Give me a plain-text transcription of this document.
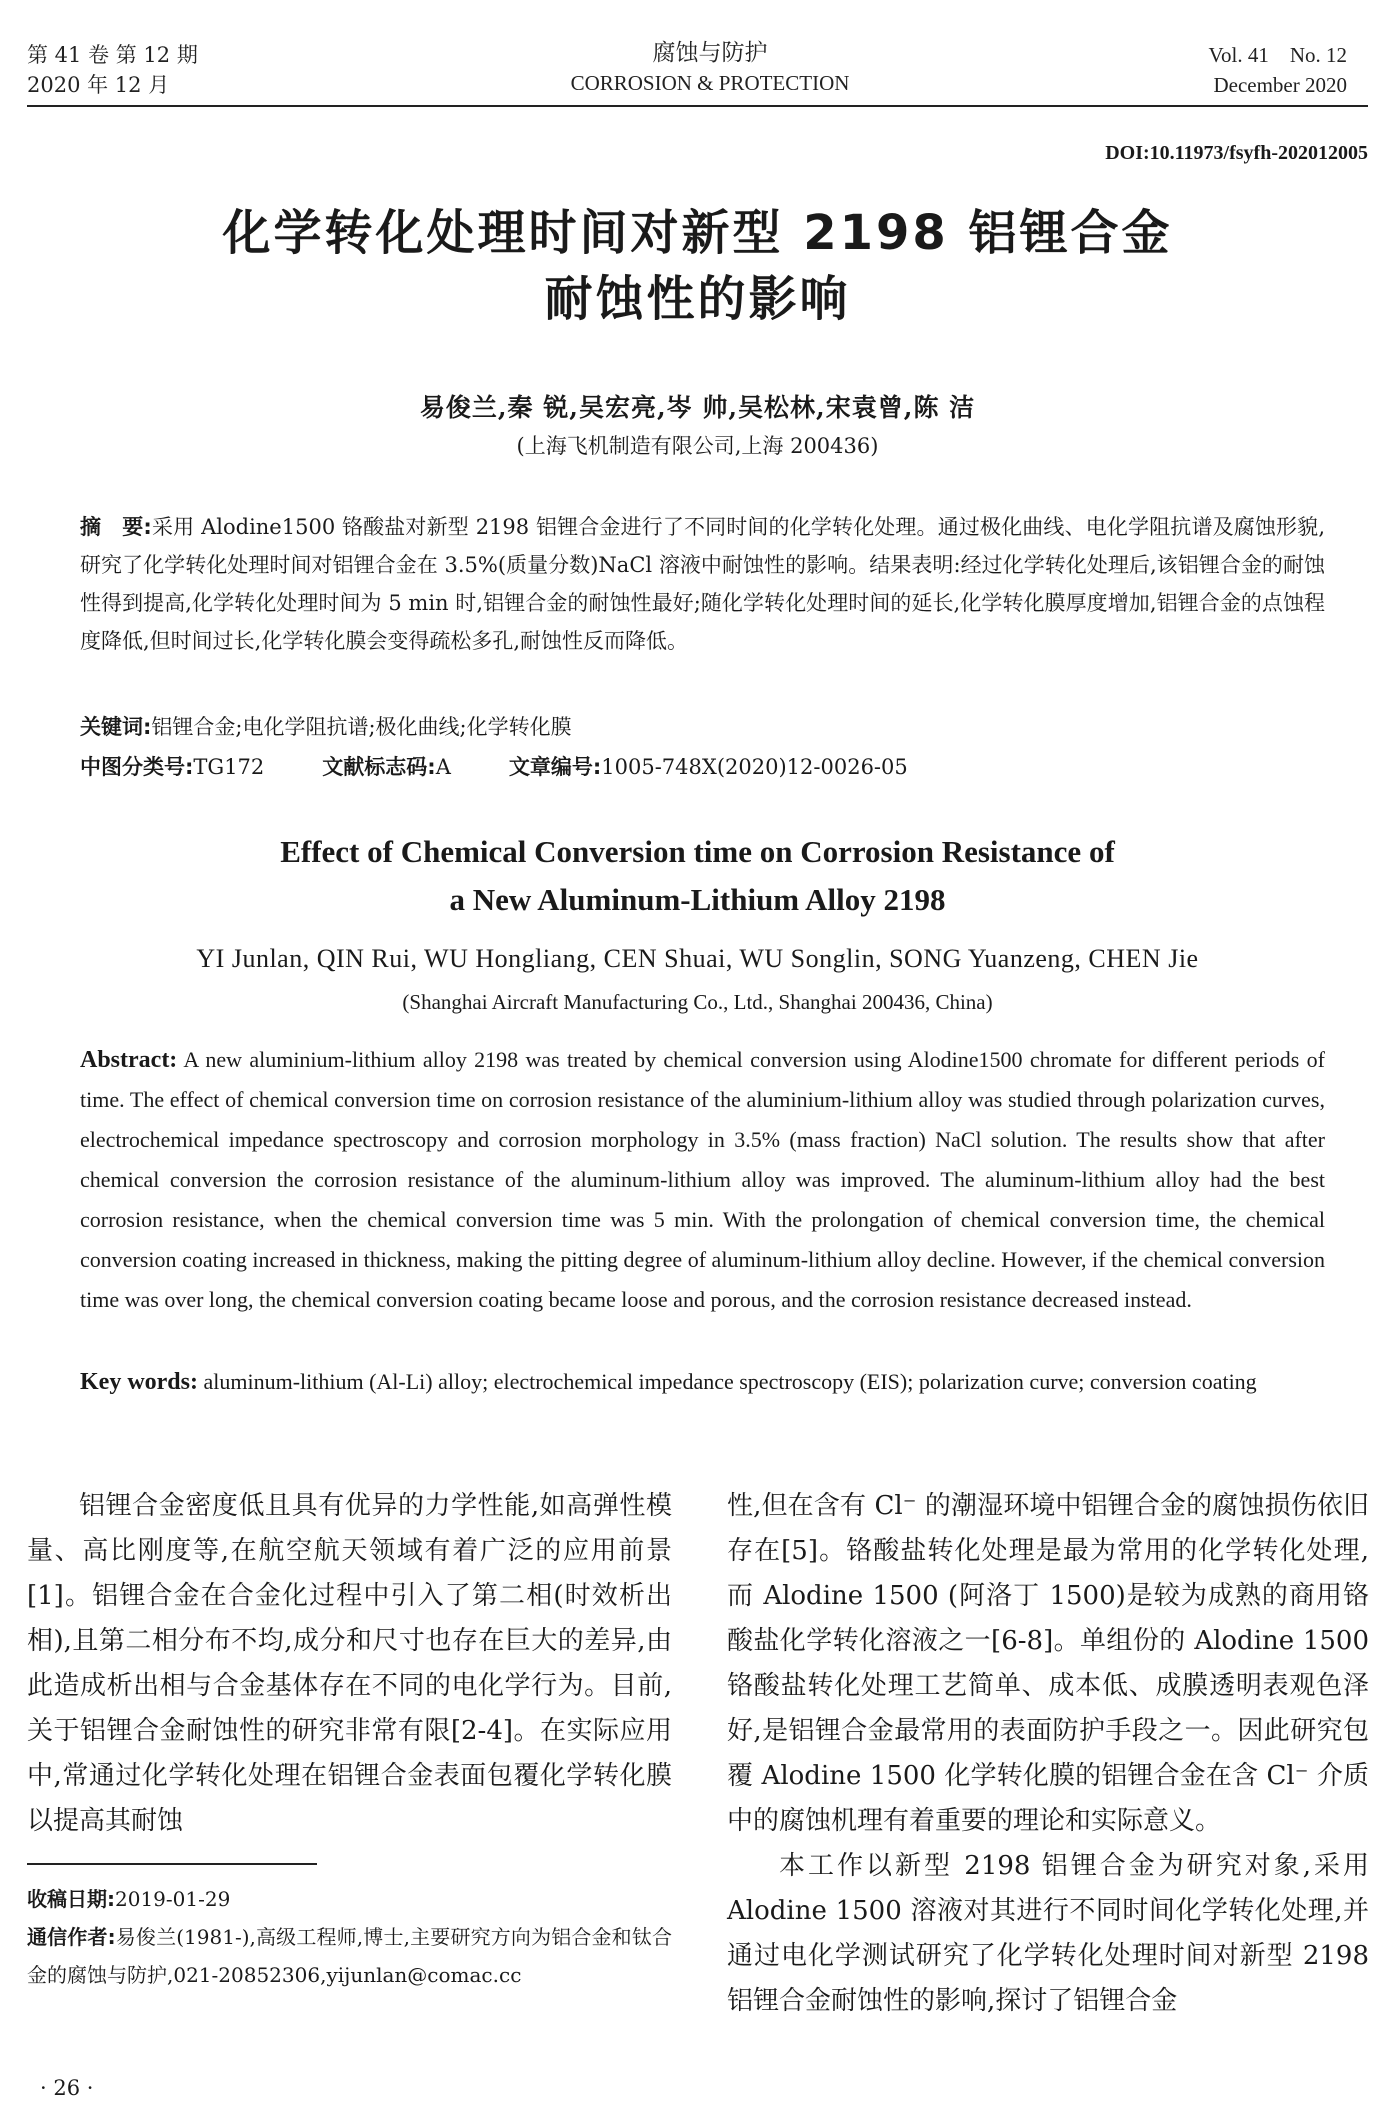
第 41 卷 第 12 期
2020 年 12 月
腐蚀与防护
CORROSION & PROTECTION
Vol. 41    No. 12
December 2020
DOI:10.11973/fsyfh-202012005
化学转化处理时间对新型 2198 铝锂合金
耐蚀性的影响
易俊兰,秦 锐,吴宏亮,岑 帅,吴松林,宋袁曾,陈 洁
(上海飞机制造有限公司,上海 200436)
摘　要:采用 Alodine1500 铬酸盐对新型 2198 铝锂合金进行了不同时间的化学转化处理。通过极化曲线、电化学阻抗谱及腐蚀形貌,研究了化学转化处理时间对铝锂合金在 3.5%(质量分数)NaCl 溶液中耐蚀性的影响。结果表明:经过化学转化处理后,该铝锂合金的耐蚀性得到提高,化学转化处理时间为 5 min 时,铝锂合金的耐蚀性最好;随化学转化处理时间的延长,化学转化膜厚度增加,铝锂合金的点蚀程度降低,但时间过长,化学转化膜会变得疏松多孔,耐蚀性反而降低。
关键词:铝锂合金;电化学阻抗谱;极化曲线;化学转化膜
中图分类号:TG172	文献标志码:A	文章编号:1005-748X(2020)12-0026-05
Effect of Chemical Conversion time on Corrosion Resistance of
a New Aluminum-Lithium Alloy 2198
YI Junlan, QIN Rui, WU Hongliang, CEN Shuai, WU Songlin, SONG Yuanzeng, CHEN Jie
(Shanghai Aircraft Manufacturing Co., Ltd., Shanghai 200436, China)
Abstract: A new aluminium-lithium alloy 2198 was treated by chemical conversion using Alodine1500 chromate for different periods of time. The effect of chemical conversion time on corrosion resistance of the aluminium-lithium alloy was studied through polarization curves, electrochemical impedance spectroscopy and corrosion morphology in 3.5% (mass fraction) NaCl solution. The results show that after chemical conversion the corrosion resistance of the aluminum-lithium alloy was improved. The aluminum-lithium alloy had the best corrosion resistance, when the chemical conversion time was 5 min. With the prolongation of chemical conversion time, the chemical conversion coating increased in thickness, making the pitting degree of aluminum-lithium alloy decline. However, if the chemical conversion time was over long, the chemical conversion coating became loose and porous, and the corrosion resistance decreased instead.
Key words: aluminum-lithium (Al-Li) alloy; electrochemical impedance spectroscopy (EIS); polarization curve; conversion coating

铝锂合金密度低且具有优异的力学性能,如高弹性模量、高比刚度等,在航空航天领域有着广泛的应用前景[1]。铝锂合金在合金化过程中引入了第二相(时效析出相),且第二相分布不均,成分和尺寸也存在巨大的差异,由此造成析出相与合金基体存在不同的电化学行为。目前,关于铝锂合金耐蚀性的研究非常有限[2-4]。在实际应用中,常通过化学转化处理在铝锂合金表面包覆化学转化膜以提高其耐蚀

性,但在含有 Cl⁻ 的潮湿环境中铝锂合金的腐蚀损伤依旧存在[5]。铬酸盐转化处理是最为常用的化学转化处理,而 Alodine 1500 (阿洛丁 1500)是较为成熟的商用铬酸盐化学转化溶液之一[6-8]。单组份的 Alodine 1500 铬酸盐转化处理工艺简单、成本低、成膜透明表观色泽好,是铝锂合金最常用的表面防护手段之一。因此研究包覆 Alodine 1500 化学转化膜的铝锂合金在含 Cl⁻ 介质中的腐蚀机理有着重要的理论和实际意义。

本工作以新型 2198 铝锂合金为研究对象,采用 Alodine 1500 溶液对其进行不同时间化学转化处理,并通过电化学测试研究了化学转化处理时间对新型 2198 铝锂合金耐蚀性的影响,探讨了铝锂合金

收稿日期:2019-01-29
通信作者:易俊兰(1981-),高级工程师,博士,主要研究方向为铝合金和钛合金的腐蚀与防护,021-20852306,yijunlan@comac.cc
· 26 ·
